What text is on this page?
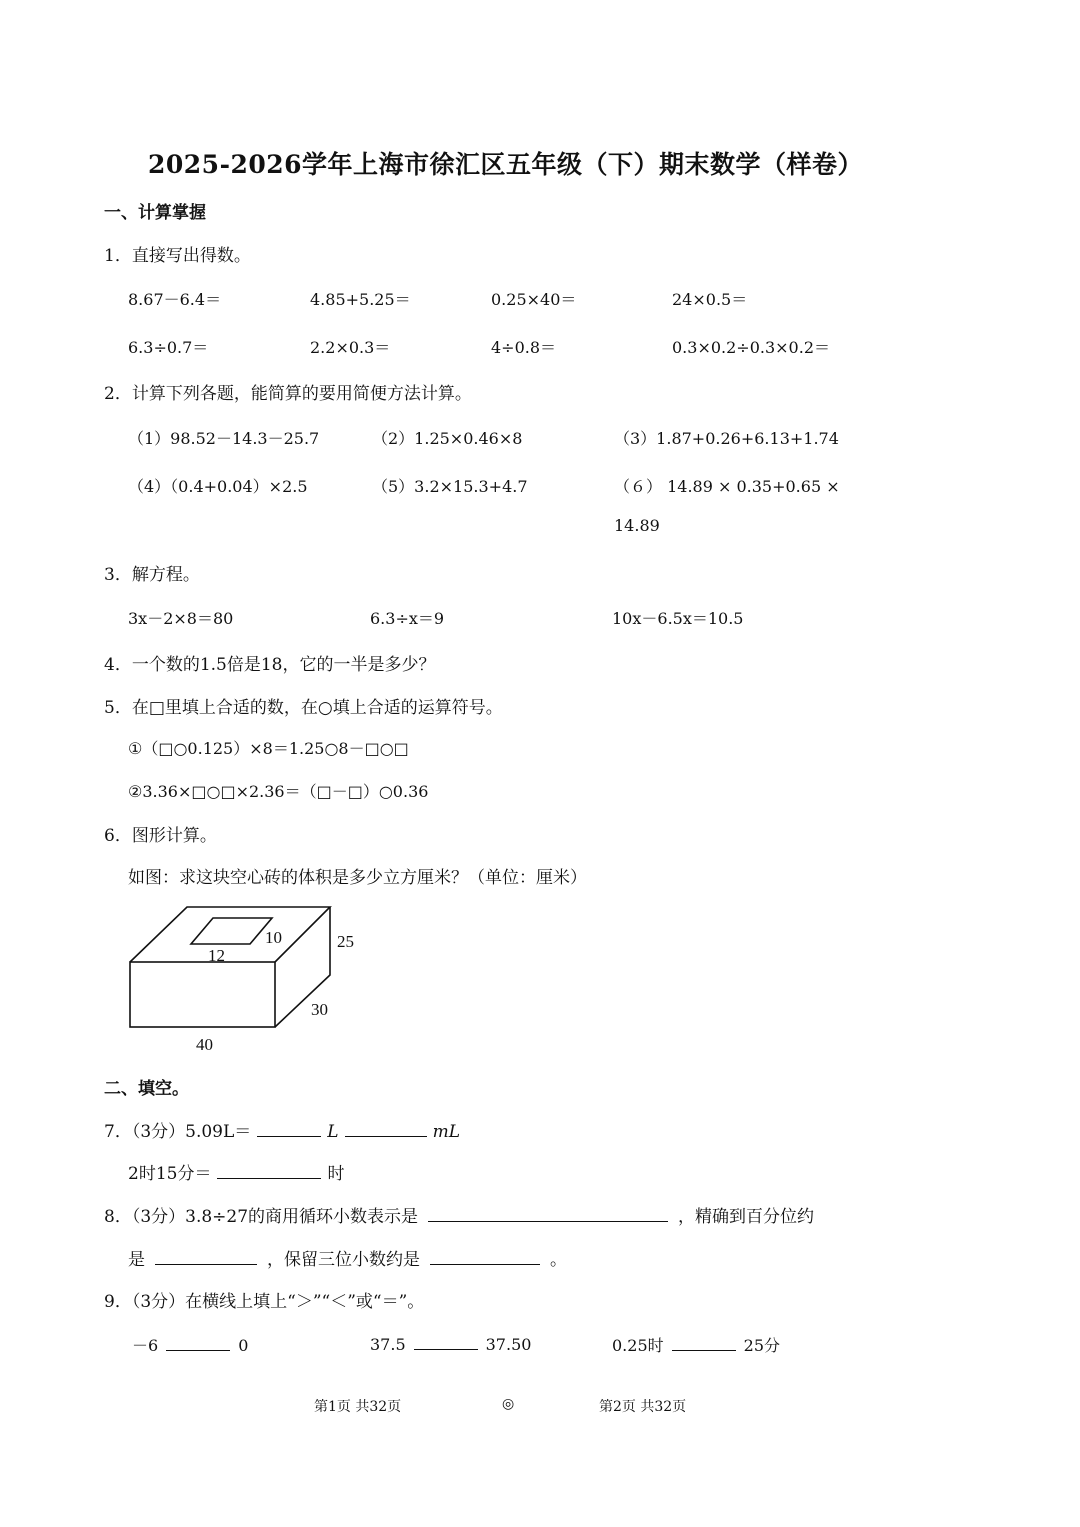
2025-2026学年上海市徐汇区五年级（下）期末数学（样卷）
一、计算掌握
1．直接写出得数。
8.67－6.4＝	4.85+5.25＝	0.25×40＝	24×0.5＝
6.3÷0.7＝	2.2×0.3＝	4÷0.8＝	0.3×0.2÷0.3×0.2＝
2．计算下列各题，能简算的要用简便方法计算。
（1）98.52－14.3－25.7	（2）1.25×0.46×8	（3）1.87+0.26+6.13+1.74
（4）（0.4+0.04）×2.5	（5）3.2×15.3+4.7	（６） 14.89 × 0.35+0.65 ×
14.89
3．解方程。
3x－2×8＝80	6.3÷x＝9	10x－6.5x＝10.5
4．一个数的1.5倍是18，它的一半是多少？
5．在□里填上合适的数，在○填上合适的运算符号。
①（□○0.125）×8＝1.25○8－□○□
②3.36×□○□×2.36＝（□－□）○0.36
6．图形计算。
如图：求这块空心砖的体积是多少立方厘米？（单位：厘米）
12
10	25
30
40
二、填空。
7．（3分）5.09L＝	L	mL
2时15分＝	时
8．（3分）3.8÷27的商用循环小数表示是	，精确到百分位约
是	，保留三位小数约是	。
9．（3分）在横线上填上“＞”“＜”或“＝”。
－6	0	37.5	37.50	0.25时	25分
第1页 共32页	◎	第2页 共32页
